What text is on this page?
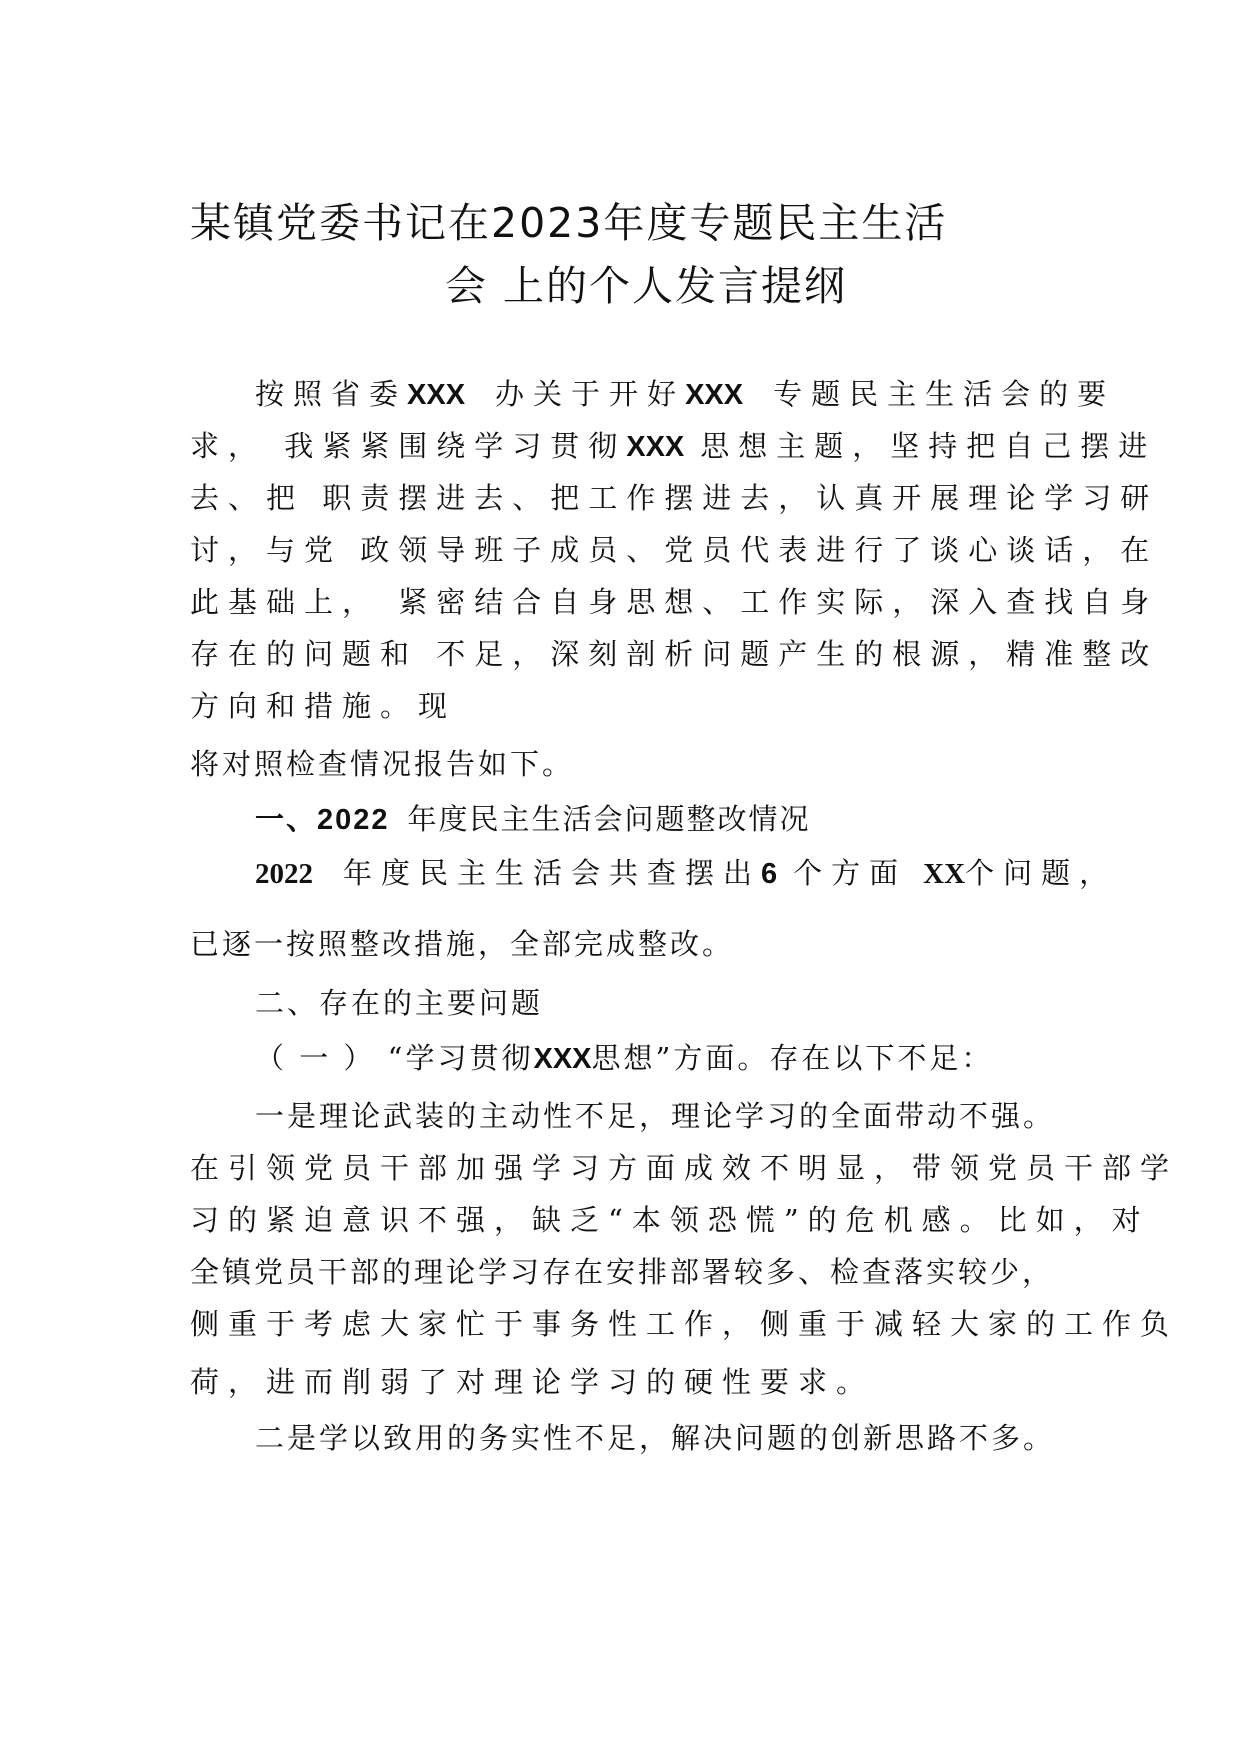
某镇党委书记在2023年度专题民主生活
会 上的个人发言提纲
按照省委XXX 办关于开好XXX 专题民主生活会的要
求， 我紧紧围绕学习贯彻XXX 思想主题，坚持把自己摆进
去、把 职责摆进去、把工作摆进去，认真开展理论学习研
讨，与党 政领导班子成员、党员代表进行了谈心谈话，在
此基础上， 紧密结合自身思想、工作实际，深入查找自身
存在的问题和 不足，深刻剖析问题产生的根源，精准整改
方向和措施。现
将对照检查情况报告如下。
一、2022 年度民主生活会问题整改情况
2022 年度民主生活会共查摆出6 个方面 XX个问题，
已逐一按照整改措施，全部完成整改。
二、存在的主要问题
（ 一 ） “学习贯彻XXX思想”方面。存在以下不足：
一是理论武装的主动性不足，理论学习的全面带动不强。
在引领党员干部加强学习方面成效不明显，带领党员干部学
习的紧迫意识不强，缺乏“本领恐慌”的危机感。比如，对
全镇党员干部的理论学习存在安排部署较多、检查落实较少，
侧重于考虑大家忙于事务性工作，侧重于减轻大家的工作负
荷，进而削弱了对理论学习的硬性要求。
二是学以致用的务实性不足，解决问题的创新思路不多。
